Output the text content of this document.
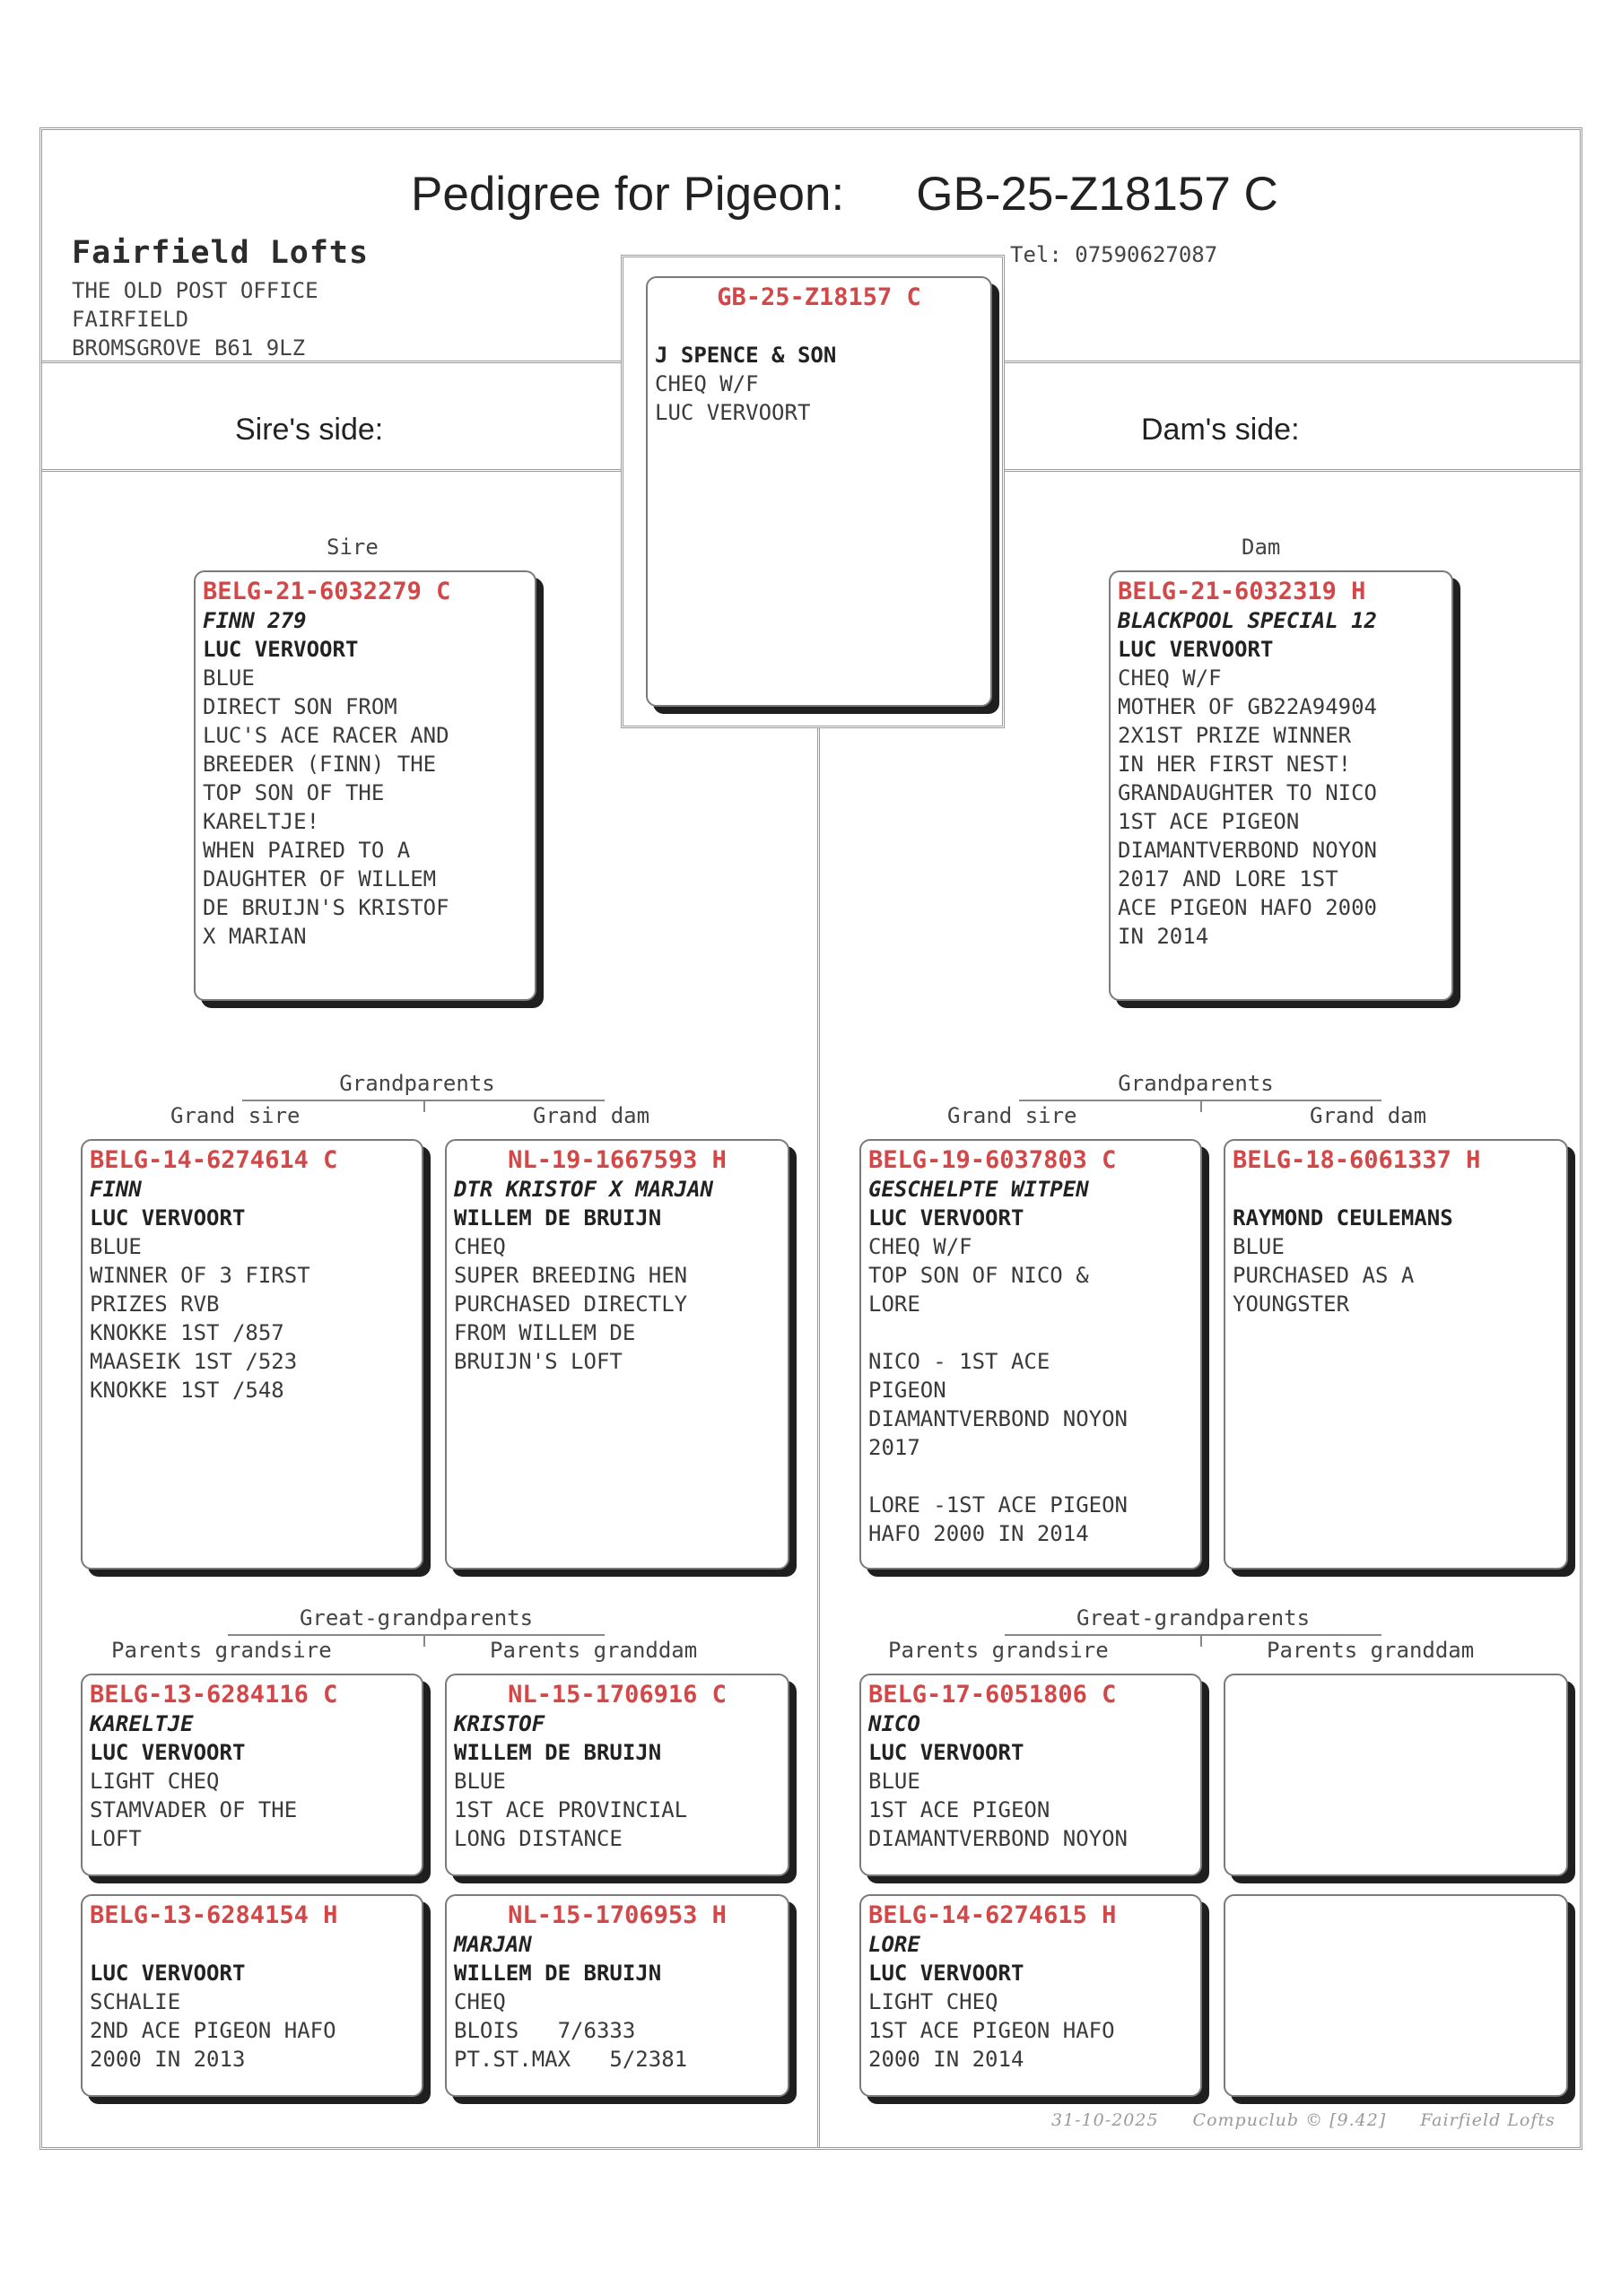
Pedigree for Pigeon: GB-25-Z18157 C
Fairfield Lofts
THE OLD POST OFFICE
FAIRFIELD
BROMSGROVE B61 9LZ
Tel: 07590627087
Sire's side:	Dam's side:
GB-25-Z18157 C
J SPENCE & SON
CHEQ W/F
LUC VERVOORT
Sire	Dam
BELG-21-6032279 C
FINN 279
LUC VERVOORT
BLUE
DIRECT SON FROM
LUC'S ACE RACER AND
BREEDER (FINN) THE
TOP SON OF THE
KARELTJE!
WHEN PAIRED TO A
DAUGHTER OF WILLEM
DE BRUIJN'S KRISTOF
X MARIAN
BELG-21-6032319 H
BLACKPOOL SPECIAL 12
LUC VERVOORT
CHEQ W/F
MOTHER OF GB22A94904
2X1ST PRIZE WINNER
IN HER FIRST NEST!
GRANDAUGHTER TO NICO
1ST ACE PIGEON
DIAMANTVERBOND NOYON
2017 AND LORE 1ST
ACE PIGEON HAFO 2000
IN 2014
Grandparents
Grand sire	Grand dam
Grandparents
Grand sire	Grand dam
BELG-14-6274614 C
FINN
LUC VERVOORT
BLUE
WINNER OF 3 FIRST
PRIZES RVB
KNOKKE 1ST /857
MAASEIK 1ST /523
KNOKKE 1ST /548
NL-19-1667593 H
DTR KRISTOF X MARJAN
WILLEM DE BRUIJN
CHEQ
SUPER BREEDING HEN
PURCHASED DIRECTLY
FROM WILLEM DE
BRUIJN'S LOFT
BELG-19-6037803 C
GESCHELPTE WITPEN
LUC VERVOORT
CHEQ W/F
TOP SON OF NICO &
LORE
NICO - 1ST ACE
PIGEON
DIAMANTVERBOND NOYON
2017
LORE -1ST ACE PIGEON
HAFO 2000 IN 2014
BELG-18-6061337 H
RAYMOND CEULEMANS
BLUE
PURCHASED AS A
YOUNGSTER
Great-grandparents
Parents grandsire	Parents granddam
Great-grandparents
Parents grandsire	Parents granddam
BELG-13-6284116 C
KARELTJE
LUC VERVOORT
LIGHT CHEQ
STAMVADER OF THE
LOFT
NL-15-1706916 C
KRISTOF
WILLEM DE BRUIJN
BLUE
1ST ACE PROVINCIAL
LONG DISTANCE
BELG-13-6284154 H
LUC VERVOORT
SCHALIE
2ND ACE PIGEON HAFO
2000 IN 2013
NL-15-1706953 H
MARJAN
WILLEM DE BRUIJN
CHEQ
BLOIS   7/6333
PT.ST.MAX   5/2381
BELG-17-6051806 C
NICO
LUC VERVOORT
BLUE
1ST ACE PIGEON
DIAMANTVERBOND NOYON
BELG-14-6274615 H
LORE
LUC VERVOORT
LIGHT CHEQ
1ST ACE PIGEON HAFO
2000 IN 2014
31-10-2025 Compuclub © [9.42] Fairfield Lofts
